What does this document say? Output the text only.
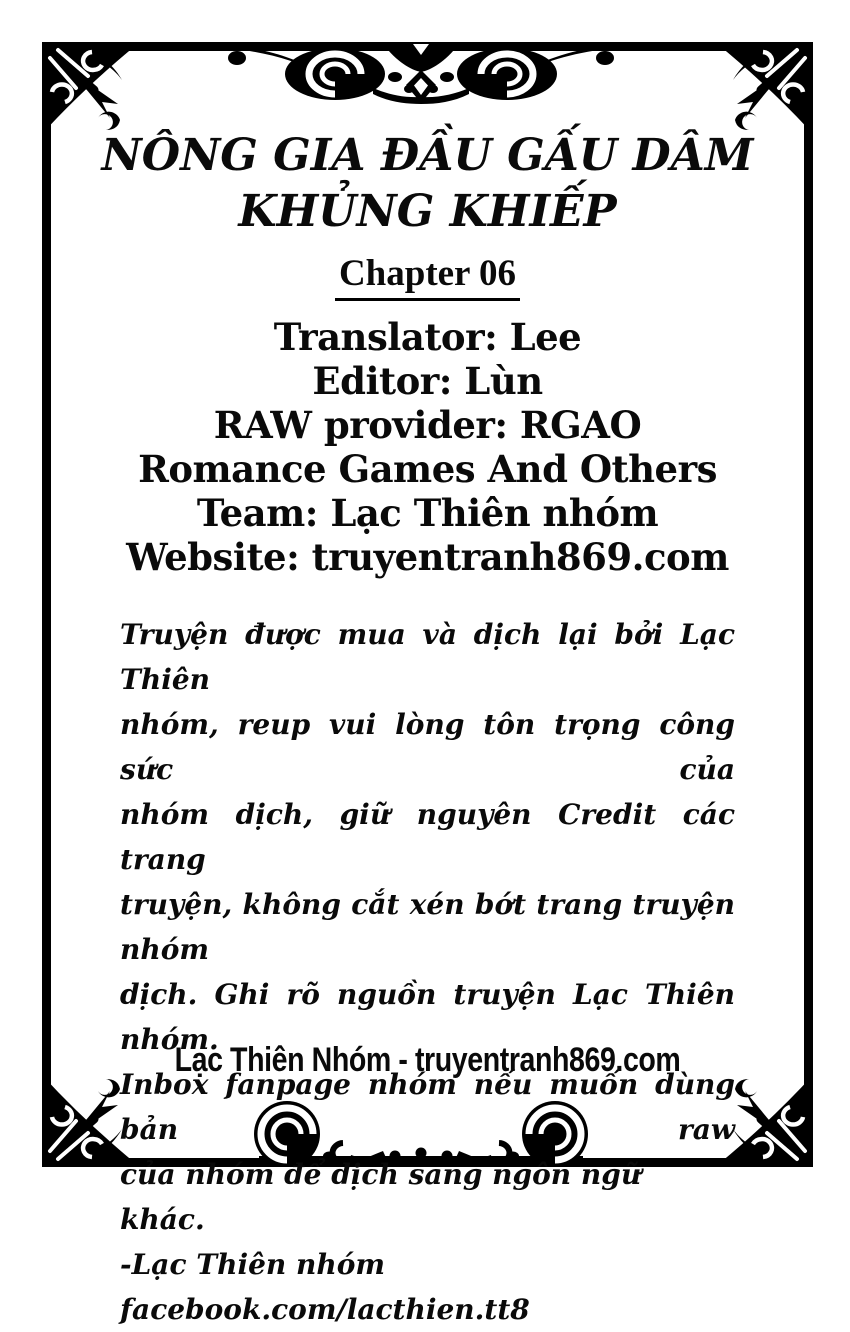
NÔNG GIA ĐẦU GẤU DÂM
KHỦNG KHIẾP
Chapter 06
Translator: Lee
Editor: Lùn
RAW provider: RGAO
Romance Games And Others
Team: Lạc Thiên nhóm
Website: truyentranh869.com
Truyện được mua và dịch lại bởi Lạc Thiên
nhóm, reup vui lòng tôn trọng công sức của
nhóm dịch, giữ nguyên Credit các trang
truyện, không cắt xén bớt trang truyện nhóm
dịch. Ghi rõ nguồn truyện Lạc Thiên nhóm.
Inbox fanpage nhóm nếu muốn dùng bản raw
của nhóm để dịch sang ngôn ngữ khác.
-Lạc Thiên nhóm
facebook.com/lacthien.tt8
Lạc Thiên Nhóm - truyentranh869.com
